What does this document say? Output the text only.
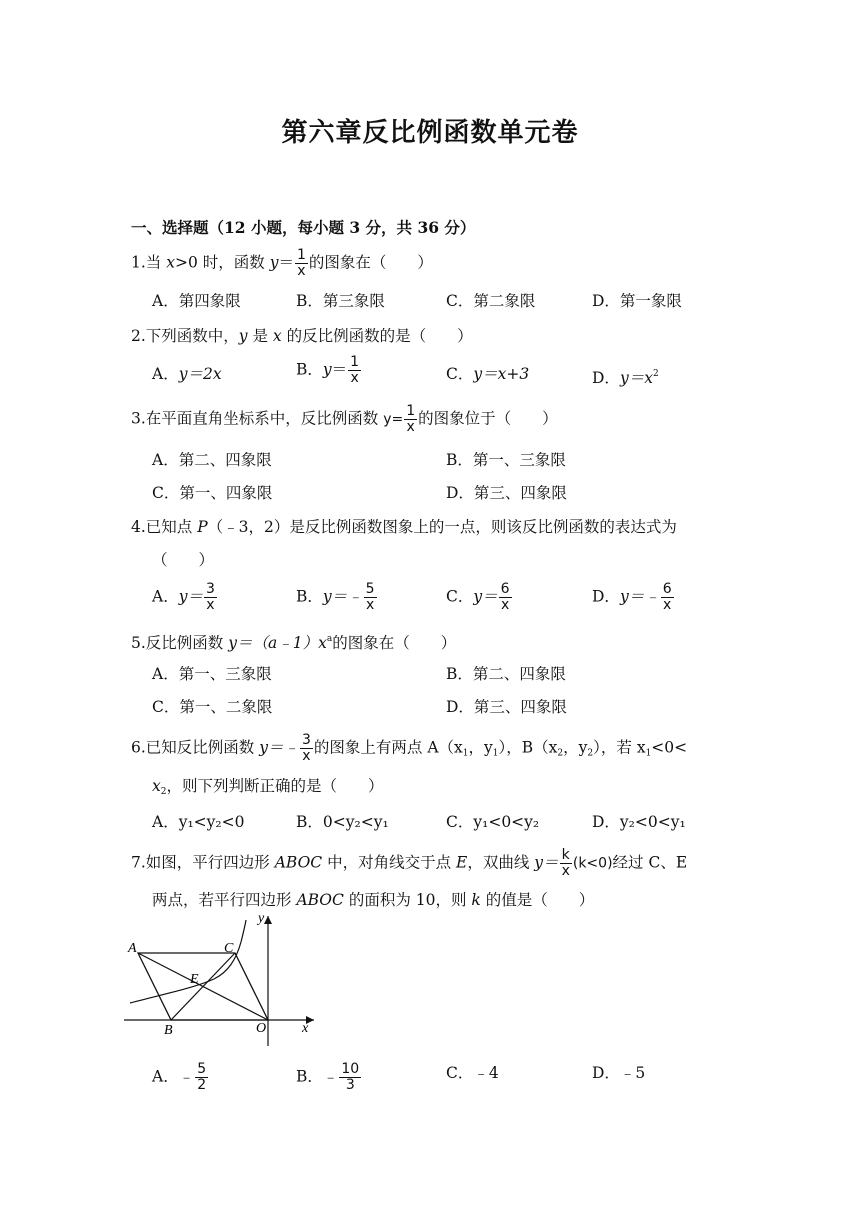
第六章反比例函数单元卷
一、选择题（12 小题，每小题 3 分，共 36 分）
1.当 x>0 时，函数 $y= \frac{1}{x}$ 的图象在（　　）
A．第四象限	B．第三象限	C．第二象限	D．第一象限
2.下列函数中，y 是 x 的反比例函数的是（　　）
A．y＝2x	B．$y= \frac{1}{x}$	C．y＝x+3	D．$y=x^2$
3.在平面直角坐标系中，反比例函数 $y= \frac{1}{x}$ 的图象位于（　　）
A．第二、四象限	B．第一、三象限
C．第一、四象限	D．第三、四象限
4.已知点 P（﹣3，2）是反比例函数图象上的一点，则该反比例函数的表达式为
（　　）
A．$y= \frac{3}{x}$	B．y＝﹣ $\frac{5}{x}$	C．$y= \frac{6}{x}$	D．y＝﹣ $\frac{6}{x}$
5.反比例函数 $y=(a﹣1)x^a$的图象在（　　）
A．第一、三象限	B．第二、四象限
C．第一、二象限	D．第三、四象限
6.已知反比例函数 y＝﹣ $\frac{3}{x}$ 的图象上有两点 $A(x_1$，$y_1$），$B(x_2$，$y_2$），若 $x_1<0<$
$x_2$，则下列判断正确的是（　　）
A．y₁<y₂<0	B．0<y₂<y₁	C．y₁<0<y₂	D．y₂<0<y₁
7.如图，平行四边形 ABOC 中，对角线交于点 E，双曲线 $y= \frac{k}{x} (k<0)$经过 C、E
两点，若平行四边形 ABOC 的面积为 10，则 k 的值是（　　）
A
B
C
E
O	x
y
A．﹣ $\frac{5}{2}$	B．﹣ $\frac{10}{3}$	C．﹣4	D．﹣5
